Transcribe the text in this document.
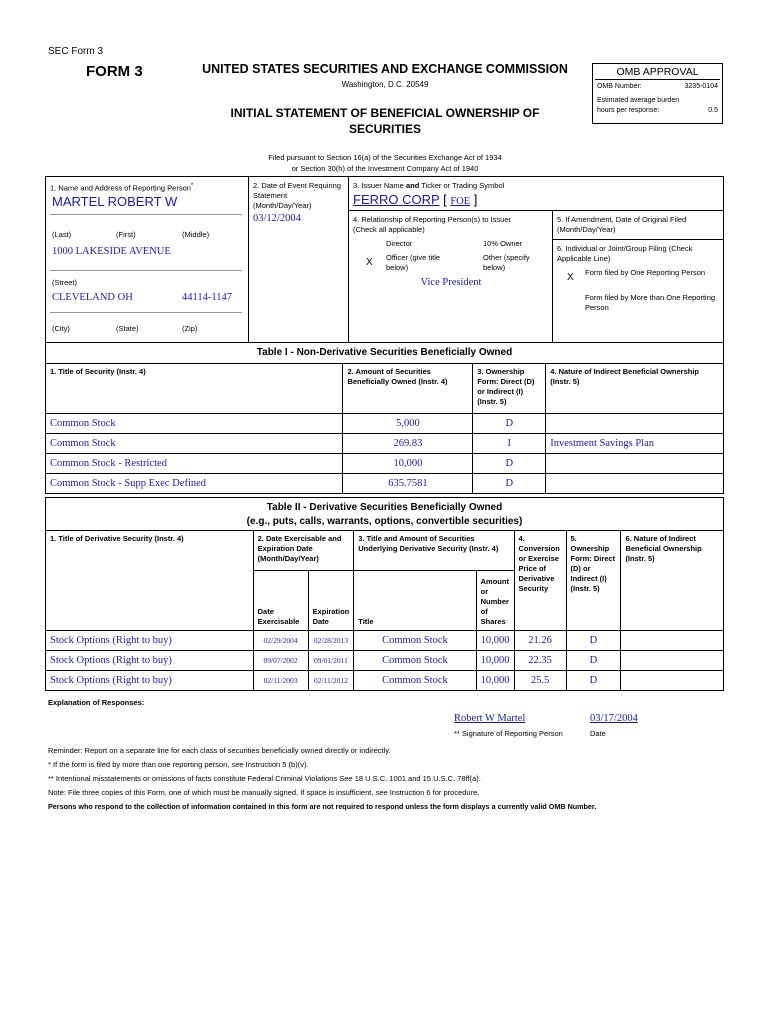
SEC Form 3
FORM 3	UNITED STATES SECURITIES AND EXCHANGE COMMISSION
Washington, D.C. 20549
INITIAL STATEMENT OF BENEFICIAL OWNERSHIP OF
SECURITIES
OMB APPROVAL
OMB Number:	3235-0104
Estimated average burden
hours per response:	0.5
Filed pursuant to Section 16(a) of the Securities Exchange Act of 1934
or Section 30(h) of the Investment Company Act of 1940
1. Name and Address of Reporting Person*
MARTEL ROBERT W
(Last)	(First)	(Middle)
1000 LAKESIDE AVENUE
(Street)
CLEVELAND OH	44114-1147
(City)	(State)	(Zip)
2. Date of Event Requiring Statement (Month/Day/Year)
03/12/2004
3. Issuer Name and Ticker or Trading Symbol
FERRO CORP [ FOE ]
4. Relationship of Reporting Person(s) to Issuer
(Check all applicable)
Director	10% Owner
X Officer (give title below)
Other (specify below)
Vice President
5. If Amendment, Date of Original Filed (Month/Day/Year)
6. Individual or Joint/Group Filing (Check Applicable Line)
X Form filed by One Reporting Person
Form filed by More than One Reporting Person
Table I - Non-Derivative Securities Beneficially Owned
1. Title of Security (Instr. 4)	2. Amount of Securities Beneficially Owned (Instr. 4)	3. Ownership Form: Direct (D) or Indirect (I) (Instr. 5)	4. Nature of Indirect Beneficial Ownership (Instr. 5)
Common Stock	5,000	D	
Common Stock	269.83	I	Investment Savings Plan
Common Stock - Restricted	10,000	D	
Common Stock - Supp Exec Defined	635.7581	D	
Table II - Derivative Securities Beneficially Owned
(e.g., puts, calls, warrants, options, convertible securities)
1. Title of Derivative Security (Instr. 4)	2. Date Exercisable and Expiration Date (Month/Day/Year)		3. Title and Amount of Securities Underlying Derivative Security (Instr. 4)		4. Conversion or Exercise Price of Derivative Security	5. Ownership Form: Direct (D) or Indirect (I) (Instr. 5)	6. Nature of Indirect Beneficial Ownership (Instr. 5)
	Date Exercisable	Expiration Date	Title	Amount or Number of Shares			
Stock Options (Right to buy)	02/29/2004	02/28/2013	Common Stock	10,000	21.26	D	
Stock Options (Right to buy)	09/07/2002	09/01/2011	Common Stock	10,000	22.35	D	
Stock Options (Right to buy)	02/11/2003	02/11/2012	Common Stock	10,000	25.5	D	
Explanation of Responses:
Robert W Martel	03/17/2004
** Signature of Reporting Person	Date
Reminder: Report on a separate line for each class of securities beneficially owned directly or indirectly.
* If the form is filed by more than one reporting person, see Instruction 5 (b)(v).
** Intentional misstatements or omissions of facts constitute Federal Criminal Violations See 18 U.S.C. 1001 and 15 U.S.C. 78ff(a).
Note: File three copies of this Form, one of which must be manually signed. If space is insufficient, see Instruction 6 for procedure.
Persons who respond to the collection of information contained in this form are not required to respond unless the form displays a currently valid OMB Number.
